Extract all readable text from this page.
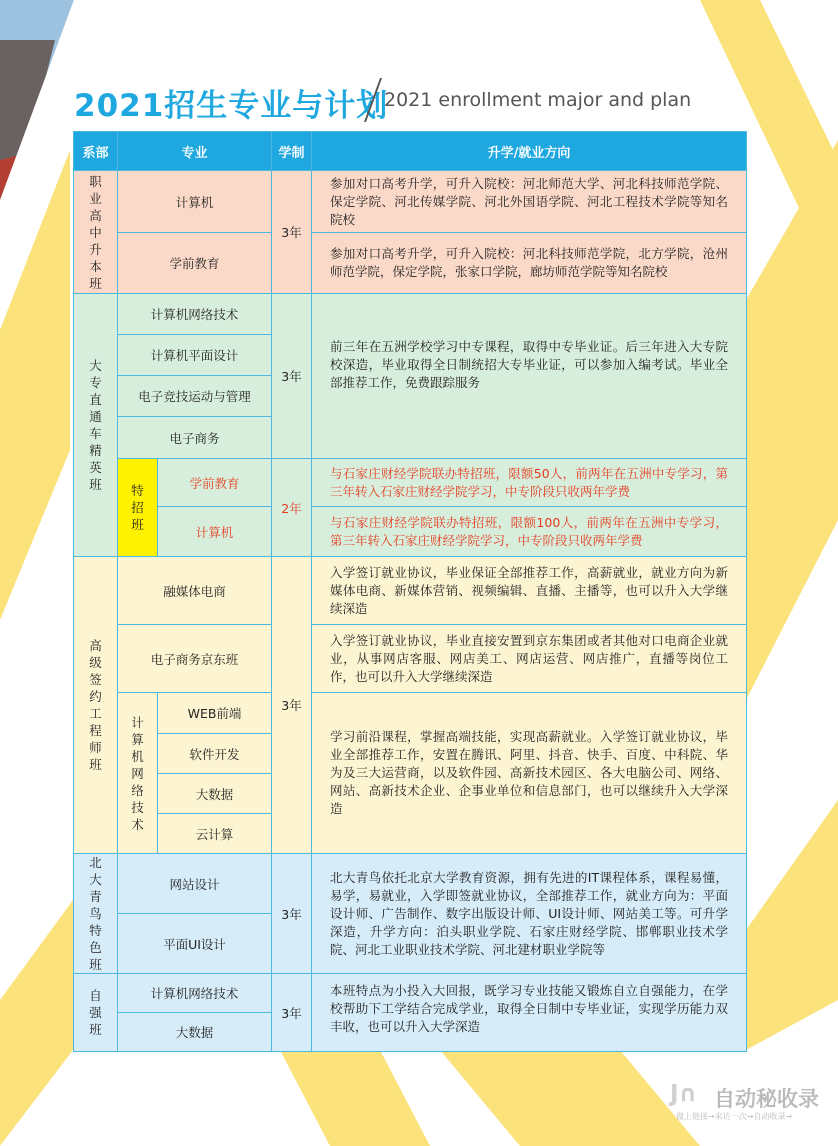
2021招生专业与计划
2021 enrollment major and plan
系部	专业		学制	升学/就业方向
职业高中升本班	计算机		3年	参加对口高考升学，可升入院校：河北师范大学、河北科技师范学院、保定学院、河北传媒学院、河北外国语学院、河北工程技术学院等知名院校
	学前教育			参加对口高考升学，可升入院校：河北科技师范学院，北方学院，沧州师范学院，保定学院，张家口学院，廊坊师范学院等知名院校
大专直通车精英班	计算机网络技术		3年	前三年在五洲学校学习中专课程，取得中专毕业证。后三年进入大专院校深造，毕业取得全日制统招大专毕业证，可以参加入编考试。毕业全部推荐工作，免费跟踪服务
	计算机平面设计			
	电子竞技运动与管理			
	电子商务			
	特招班	学前教育	2年	与石家庄财经学院联办特招班，限额50人，前两年在五洲中专学习，第三年转入石家庄财经学院学习，中专阶段只收两年学费
		计算机		与石家庄财经学院联办特招班，限额100人，前两年在五洲中专学习，第三年转入石家庄财经学院学习，中专阶段只收两年学费
高级签约工程师班	融媒体电商		3年	入学签订就业协议，毕业保证全部推荐工作，高薪就业，就业方向为新媒体电商、新媒体营销、视频编辑、直播、主播等，也可以升入大学继续深造
	电子商务京东班			入学签订就业协议，毕业直接安置到京东集团或者其他对口电商企业就业，从事网店客服、网店美工、网店运营、网店推广，直播等岗位工作，也可以升入大学继续深造
	计算机网络技术	WEB前端		学习前沿课程，掌握高端技能，实现高薪就业。入学签订就业协议，毕业全部推荐工作，安置在腾讯、阿里、抖音、快手、百度、中科院、华为及三大运营商，以及软件园、高新技术园区、各大电脑公司、网络、网站、高新技术企业、企事业单位和信息部门，也可以继续升入大学深造
		软件开发		
		大数据		
		云计算		
北大青鸟特色班	网站设计		3年	北大青鸟依托北京大学教育资源，拥有先进的IT课程体系，课程易懂，易学，易就业，入学即签就业协议，全部推荐工作，就业方向为：平面设计师、广告制作、数字出版设计师、UI设计师、网站美工等。可升学深造，升学方向：泊头职业学院、石家庄财经学院、邯郸职业技术学院、河北工业职业技术学院、河北建材职业学院等
	平面UI设计			
自强班	计算机网络技术		3年	本班特点为小投入大回报，既学习专业技能又锻炼自立自强能力，在学校帮助下工学结合完成学业，取得全日制中专毕业证，实现学历能力双丰收，也可以升入大学深造
	大数据			
J∩ 自动秘收录
做上链接→来访一次→自动收录→
